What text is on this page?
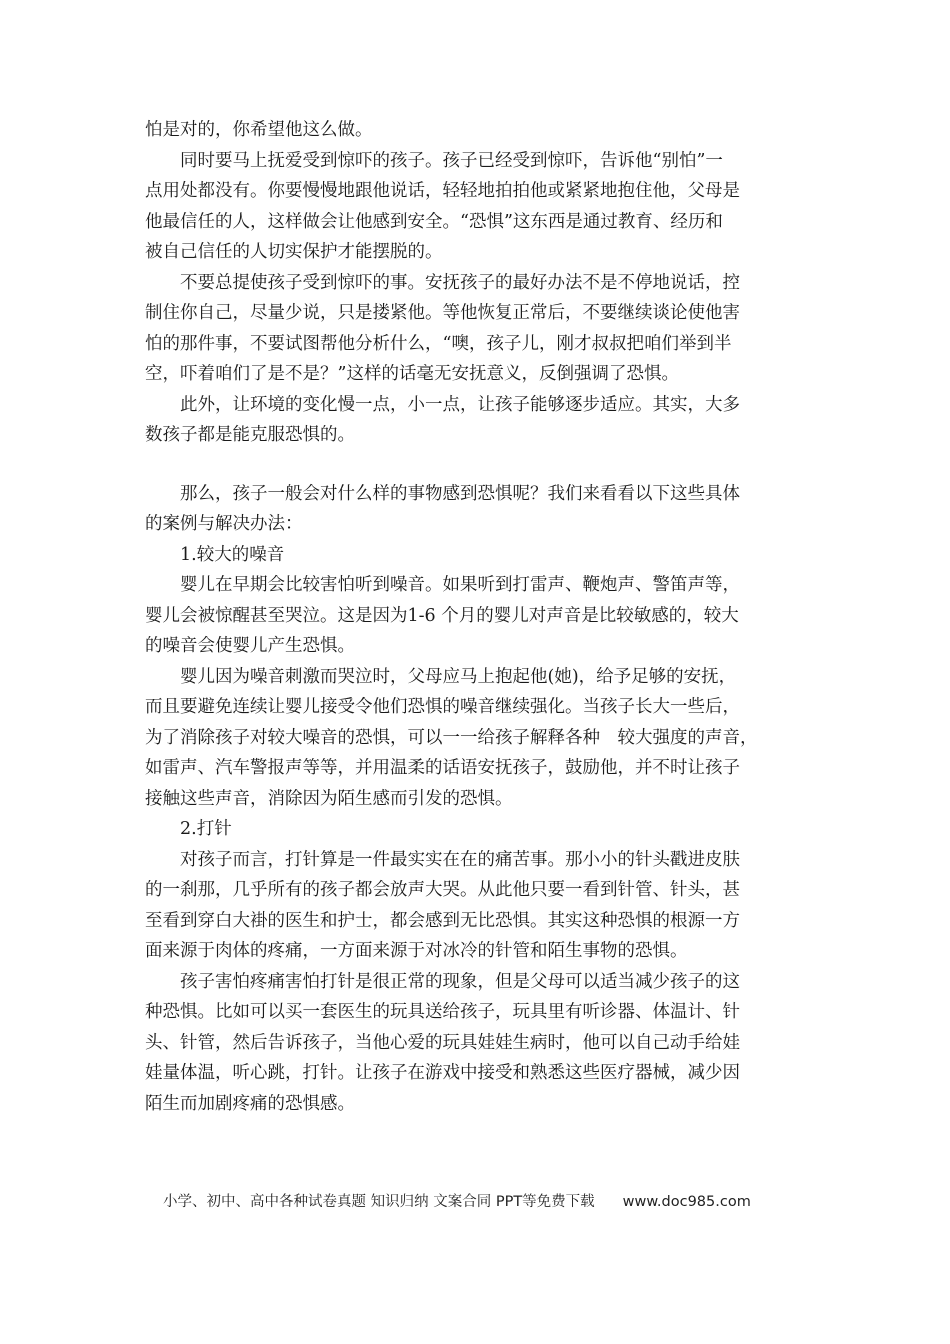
怕是对的，你希望他这么做。
　　同时要马上抚爱受到惊吓的孩子。孩子已经受到惊吓，告诉他“别怕”一
点用处都没有。你要慢慢地跟他说话，轻轻地拍拍他或紧紧地抱住他，父母是
他最信任的人，这样做会让他感到安全。“恐惧”这东西是通过教育、经历和
被自己信任的人切实保护才能摆脱的。
　　不要总提使孩子受到惊吓的事。安抚孩子的最好办法不是不停地说话，控
制住你自己，尽量少说，只是搂紧他。等他恢复正常后，不要继续谈论使他害
怕的那件事，不要试图帮他分析什么，“噢，孩子儿，刚才叔叔把咱们举到半
空，吓着咱们了是不是？”这样的话毫无安抚意义，反倒强调了恐惧。
　　此外，让环境的变化慢一点，小一点，让孩子能够逐步适应。其实，大多
数孩子都是能克服恐惧的。
　　那么，孩子一般会对什么样的事物感到恐惧呢？我们来看看以下这些具体
的案例与解决办法：
　　1.较大的噪音
　　婴儿在早期会比较害怕听到噪音。如果听到打雷声、鞭炮声、警笛声等，
婴儿会被惊醒甚至哭泣。这是因为1-6 个月的婴儿对声音是比较敏感的，较大
的噪音会使婴儿产生恐惧。
　　婴儿因为噪音刺激而哭泣时，父母应马上抱起他(她)，给予足够的安抚，
而且要避免连续让婴儿接受令他们恐惧的噪音继续强化。当孩子长大一些后，
为了消除孩子对较大噪音的恐惧，可以一一给孩子解释各种　较大强度的声音，
如雷声、汽车警报声等等，并用温柔的话语安抚孩子，鼓励他，并不时让孩子
接触这些声音，消除因为陌生感而引发的恐惧。
　　2.打针
　　对孩子而言，打针算是一件最实实在在的痛苦事。那小小的针头戳进皮肤
的一刹那，几乎所有的孩子都会放声大哭。从此他只要一看到针管、针头，甚
至看到穿白大褂的医生和护士，都会感到无比恐惧。其实这种恐惧的根源一方
面来源于肉体的疼痛，一方面来源于对冰冷的针管和陌生事物的恐惧。
　　孩子害怕疼痛害怕打针是很正常的现象，但是父母可以适当减少孩子的这
种恐惧。比如可以买一套医生的玩具送给孩子，玩具里有听诊器、体温计、针
头、针管，然后告诉孩子，当他心爱的玩具娃娃生病时，他可以自己动手给娃
娃量体温，听心跳，打针。让孩子在游戏中接受和熟悉这些医疗器械，减少因
陌生而加剧疼痛的恐惧感。
小学、初中、高中各种试卷真题 知识归纳 文案合同 PPT等免费下载 www.doc985.com
